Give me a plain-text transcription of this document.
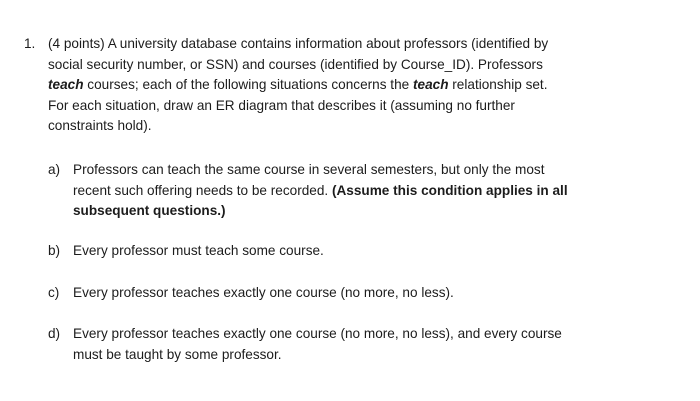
1. (4 points) A university database contains information about professors (identified by
social security number, or SSN) and courses (identified by Course_ID). Professors
teach courses; each of the following situations concerns the teach relationship set.
For each situation, draw an ER diagram that describes it (assuming no further
constraints hold).
a) Professors can teach the same course in several semesters, but only the most
recent such offering needs to be recorded. (Assume this condition applies in all
subsequent questions.)
b) Every professor must teach some course.
c) Every professor teaches exactly one course (no more, no less).
d) Every professor teaches exactly one course (no more, no less), and every course
must be taught by some professor.
